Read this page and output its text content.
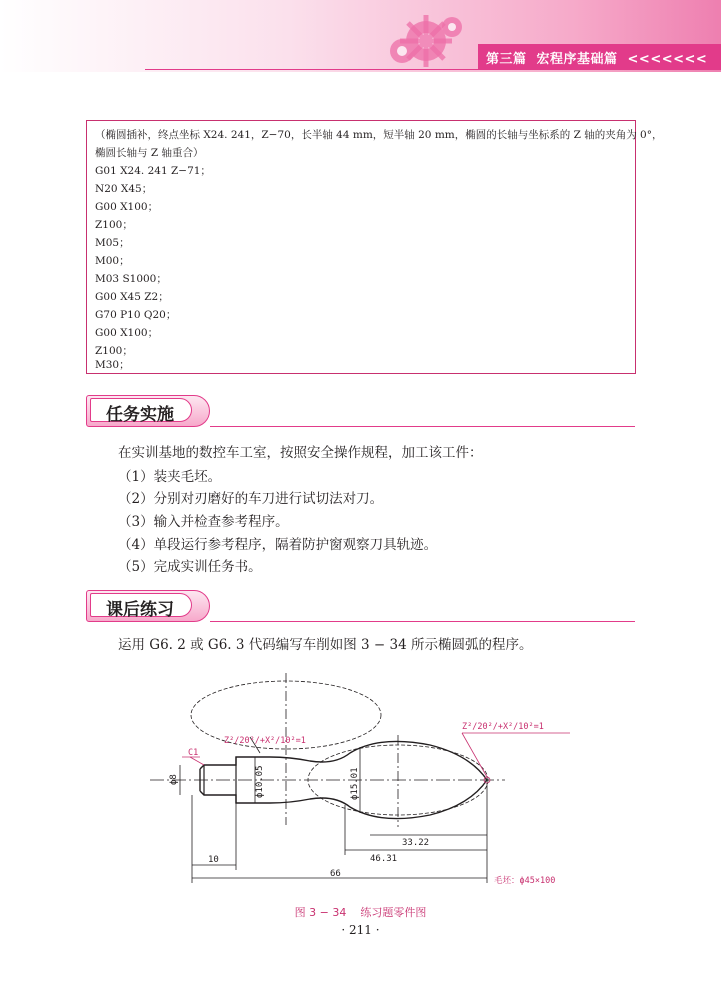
第三篇 宏程序基础篇 <<<<<<<
（椭圆插补，终点坐标 X24. 241，Z−70，长半轴 44 mm，短半轴 20 mm，椭圆的长轴与坐标系的 Z 轴的夹角为 0°，
椭圆长轴与 Z 轴重合）
G01 X24. 241 Z−71；
N20 X45；
G00 X100；
Z100；
M05；
M00；
M03 S1000；
G00 X45 Z2；
G70 P10 Q20；
G00 X100；
Z100；
M30；
任务实施
在实训基地的数控车工室，按照安全操作规程，加工该工件：
（1）装夹毛坯。
（2）分别对刃磨好的车刀进行试切法对刀。
（3）输入并检查参考程序。
（4）单段运行参考程序，隔着防护窗观察刀具轨迹。
（5）完成实训任务书。
课后练习
运用 G6. 2 或 G6. 3 代码编写车削如图 3 − 34 所示椭圆弧的程序。
C1
ϕ8	ϕ10.05	ϕ15.01
Z²/20²/+X²/10²=1
Z²/20²/+X²/10²=1
33.22
46.31
10
66
毛坯：ϕ45×100
图 3 − 34 练习题零件图
· 211 ·
